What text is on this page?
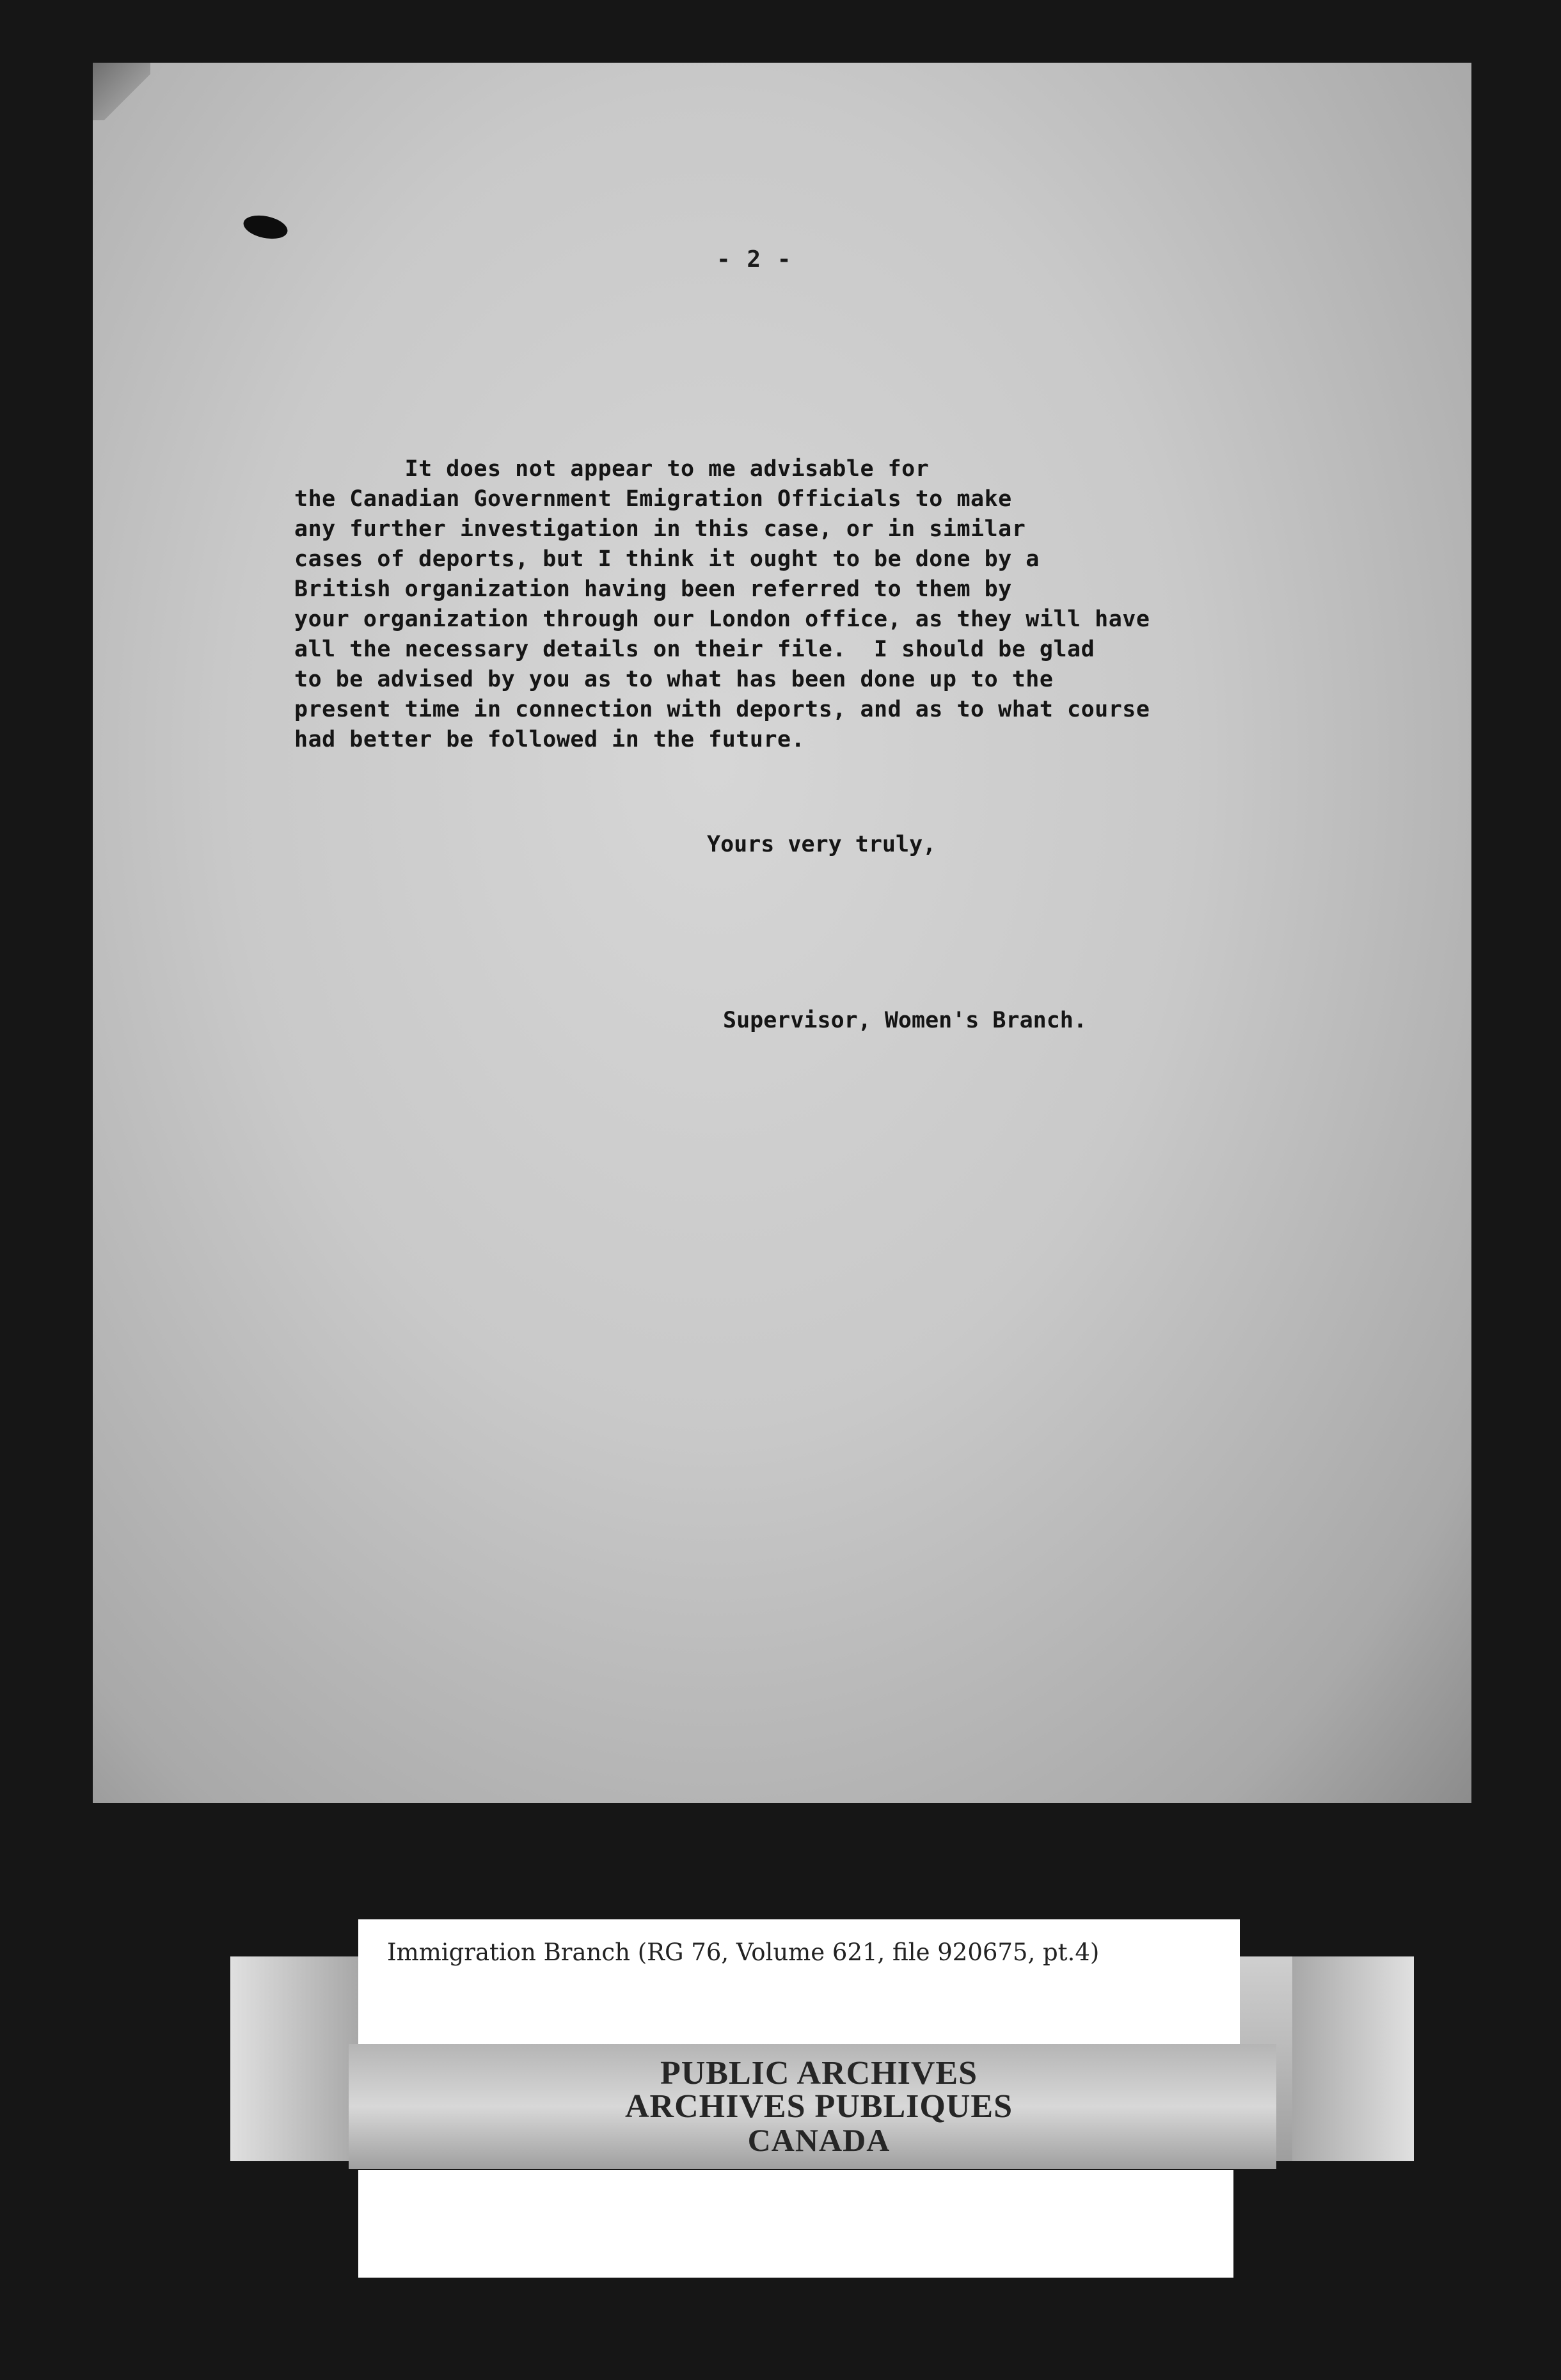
- 2 -
It does not appear to me advisable for
the Canadian Government Emigration Officials to make
any further investigation in this case, or in similar
cases of deports, but I think it ought to be done by a
British organization having been referred to them by
your organization through our London office, as they will have
all the necessary details on their file.  I should be glad
to be advised by you as to what has been done up to the
present time in connection with deports, and as to what course
had better be followed in the future.
Yours very truly,
Supervisor, Women's Branch.
Immigration Branch (RG 76, Volume 621, file 920675, pt.4)
PUBLIC ARCHIVES
ARCHIVES PUBLIQUES
CANADA
